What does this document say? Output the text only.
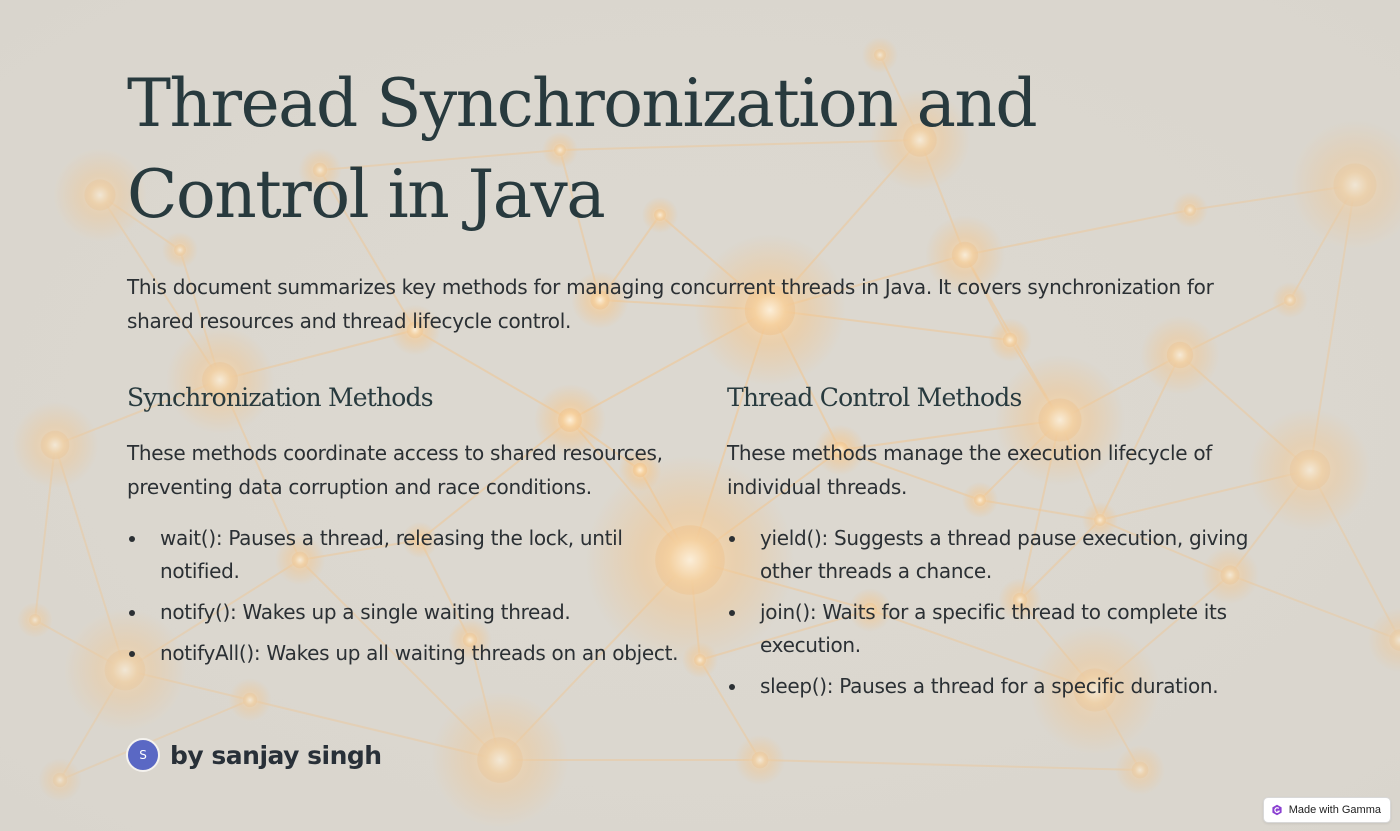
Thread Synchronization and
Control in Java

This document summarizes key methods for managing concurrent threads in Java. It covers synchronization for shared resources and thread lifecycle control.

Synchronization Methods

These methods coordinate access to shared resources, preventing data corruption and race conditions.

wait(): Pauses a thread, releasing the lock, until notified.
notify(): Wakes up a single waiting thread.
notifyAll(): Wakes up all waiting threads on an object.
Thread Control Methods

These methods manage the execution lifecycle of individual threads.

yield(): Suggests a thread pause execution, giving other threads a chance.
join(): Waits for a specific thread to complete its execution.
sleep(): Pauses a thread for a specific duration.
S by sanjay singh
Made with Gamma
